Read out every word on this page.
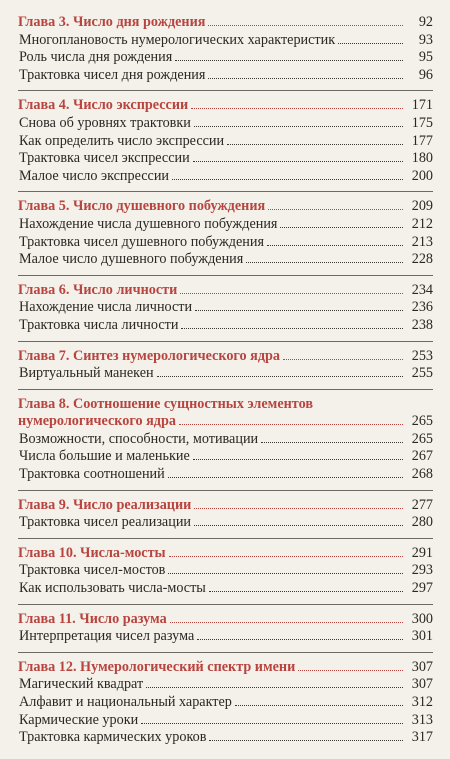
Глава 3. Число дня рождения	92
Многоплановость нумерологических характеристик	93
Роль числа дня рождения	95
Трактовка чисел дня рождения	96
Глава 4. Число экспрессии	171
Снова об уровнях трактовки	175
Как определить число экспрессии	177
Трактовка чисел экспрессии	180
Малое число экспрессии	200
Глава 5. Число душевного побуждения	209
Нахождение числа душевного побуждения	212
Трактовка чисел душевного побуждения	213
Малое число душевного побуждения	228
Глава 6. Число личности	234
Нахождение числа личности	236
Трактовка числа личности	238
Глава 7. Синтез нумерологического ядра	253
Виртуальный манекен	255
Глава 8. Соотношение сущностных элементов
нумерологического ядра	265
Возможности, способности, мотивации	265
Числа большие и маленькие	267
Трактовка соотношений	268
Глава 9. Число реализации	277
Трактовка чисел реализации	280
Глава 10. Числа-мосты	291
Трактовка чисел-мостов	293
Как использовать числа-мосты	297
Глава 11. Число разума	300
Интерпретация чисел разума	301
Глава 12. Нумерологический спектр имени	307
Магический квадрат	307
Алфавит и национальный характер	312
Кармические уроки	313
Трактовка кармических уроков	317
